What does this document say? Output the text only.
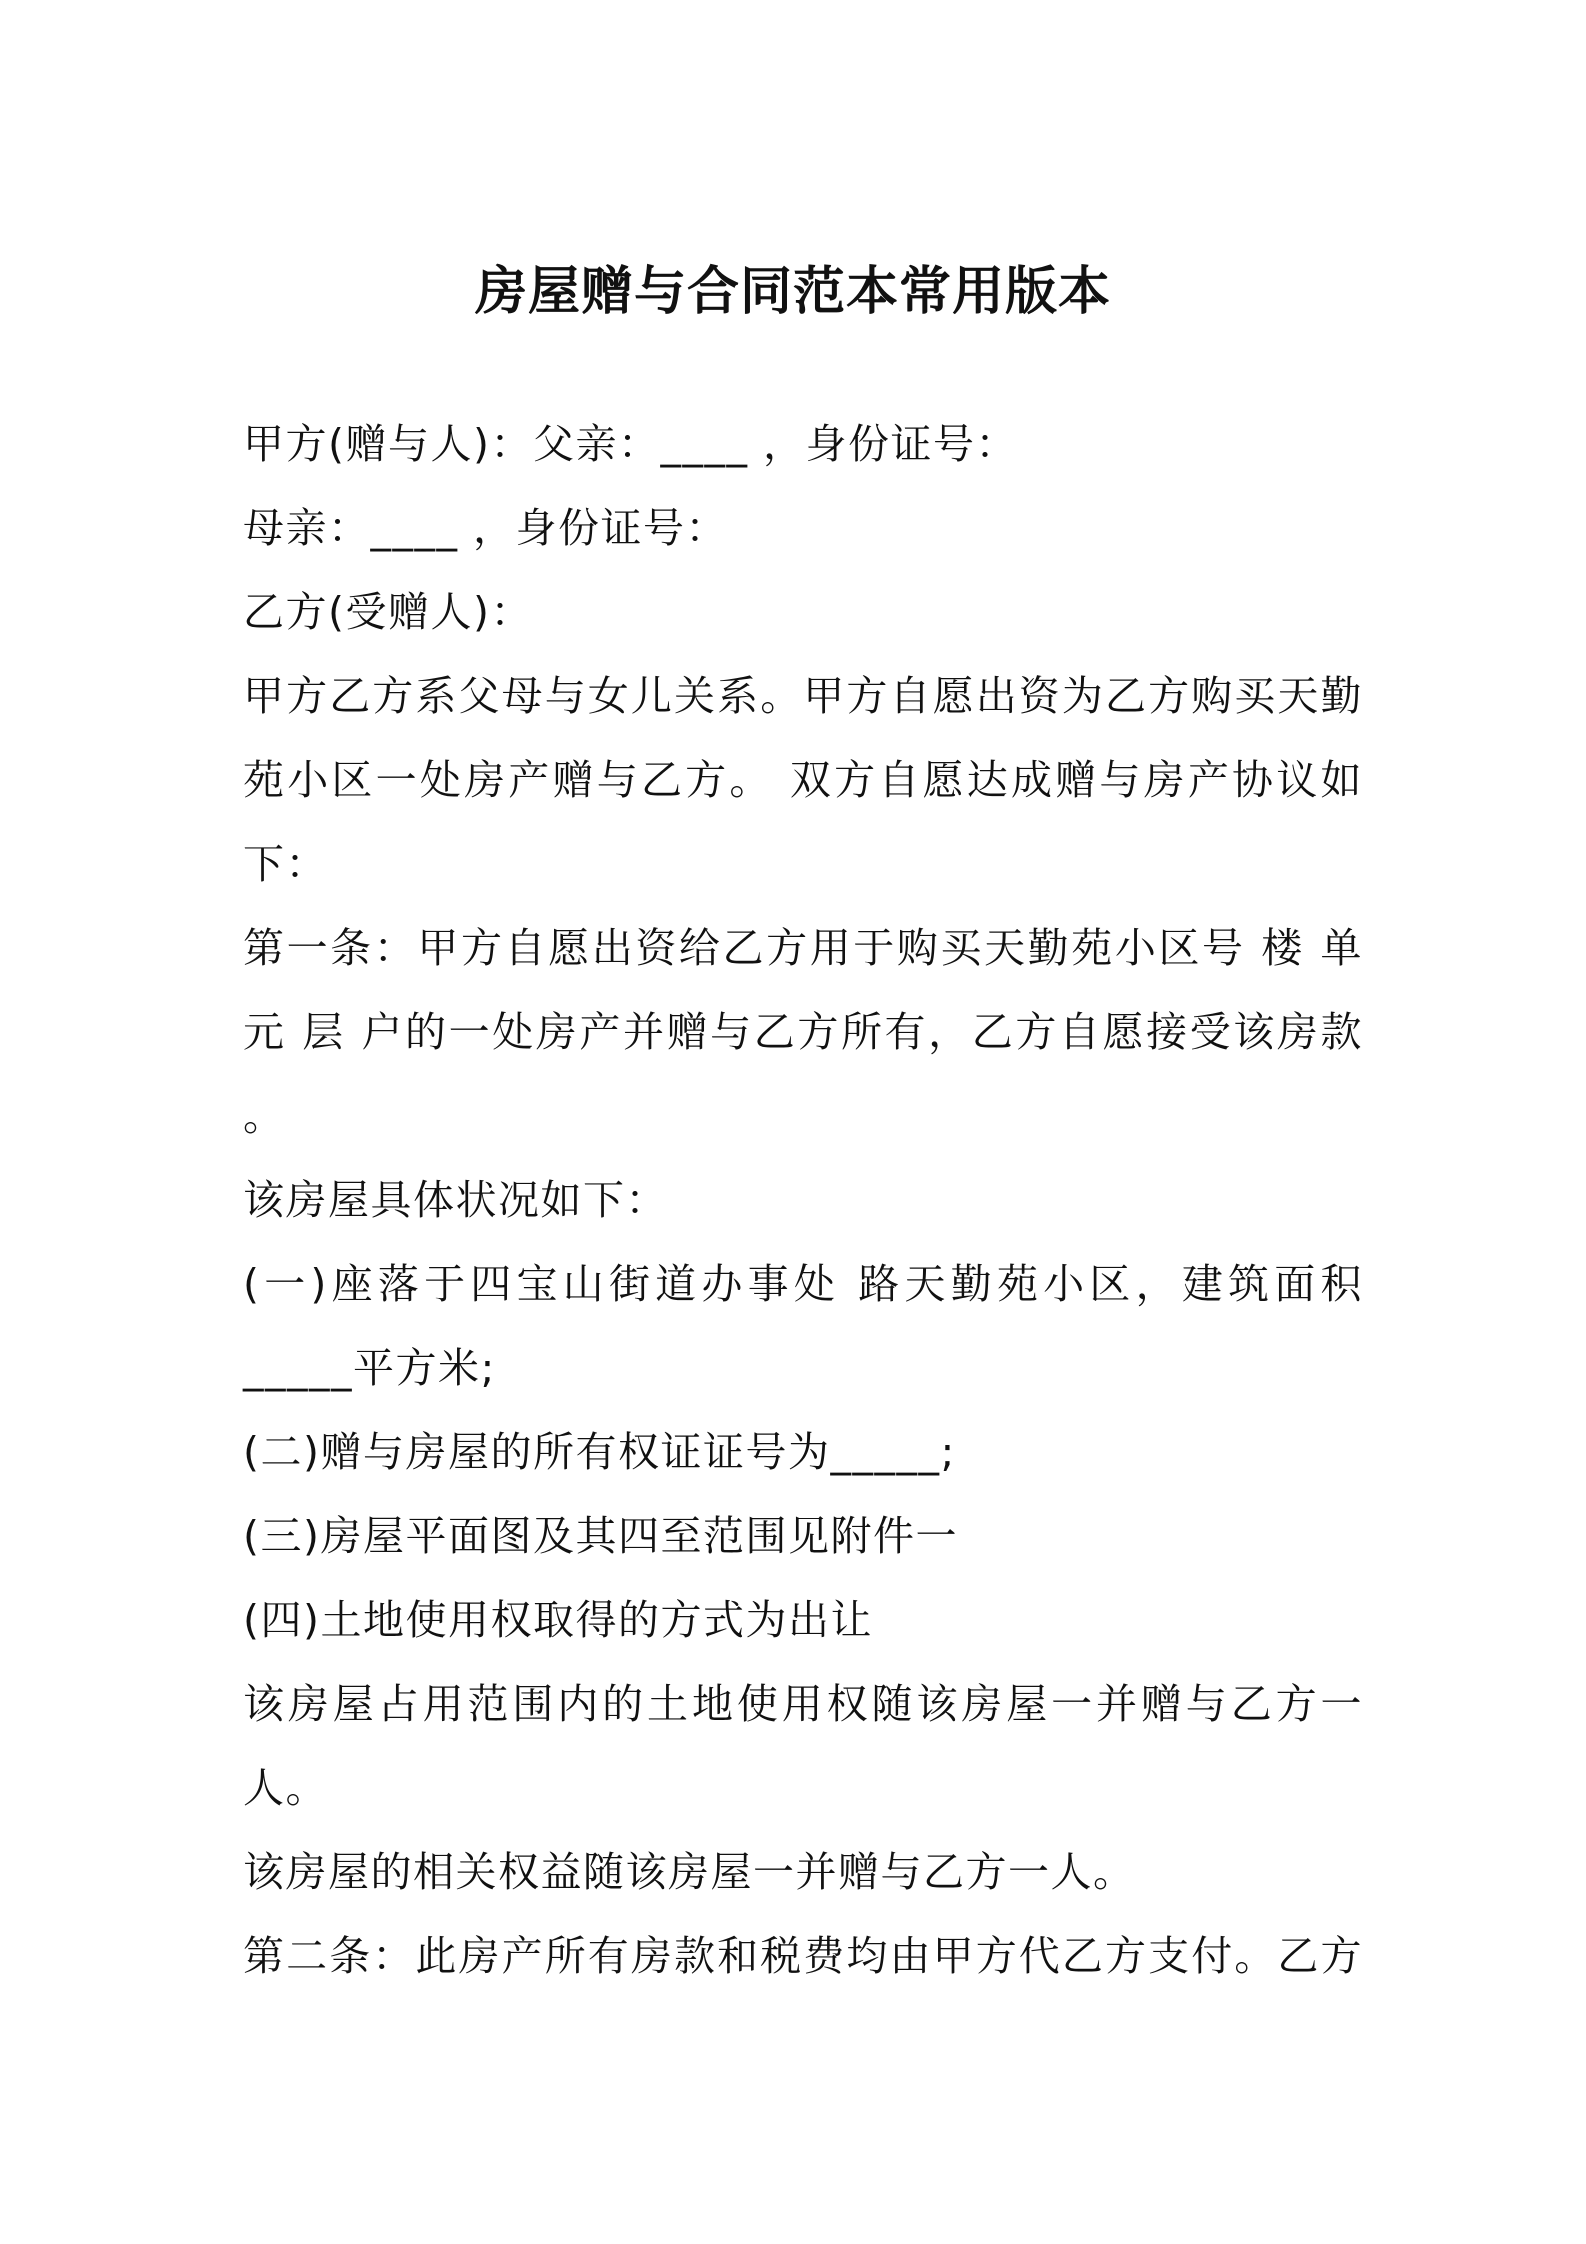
房屋赠与合同范本常用版本
甲方(赠与人)：父亲：____ ，身份证号：
母亲：____ ，身份证号：
乙方(受赠人)：
甲方乙方系父母与女儿关系。甲方自愿出资为乙方购买天勤
苑小区一处房产赠与乙方。 双方自愿达成赠与房产协议如
下：
第一条：甲方自愿出资给乙方用于购买天勤苑小区号 楼 单
元 层 户的一处房产并赠与乙方所有，乙方自愿接受该房款
。
该房屋具体状况如下：
(一)座落于四宝山街道办事处 路天勤苑小区，建筑面积
_____平方米;
(二)赠与房屋的所有权证证号为_____;
(三)房屋平面图及其四至范围见附件一
(四)土地使用权取得的方式为出让
该房屋占用范围内的土地使用权随该房屋一并赠与乙方一
人。
该房屋的相关权益随该房屋一并赠与乙方一人。
第二条：此房产所有房款和税费均由甲方代乙方支付。乙方
